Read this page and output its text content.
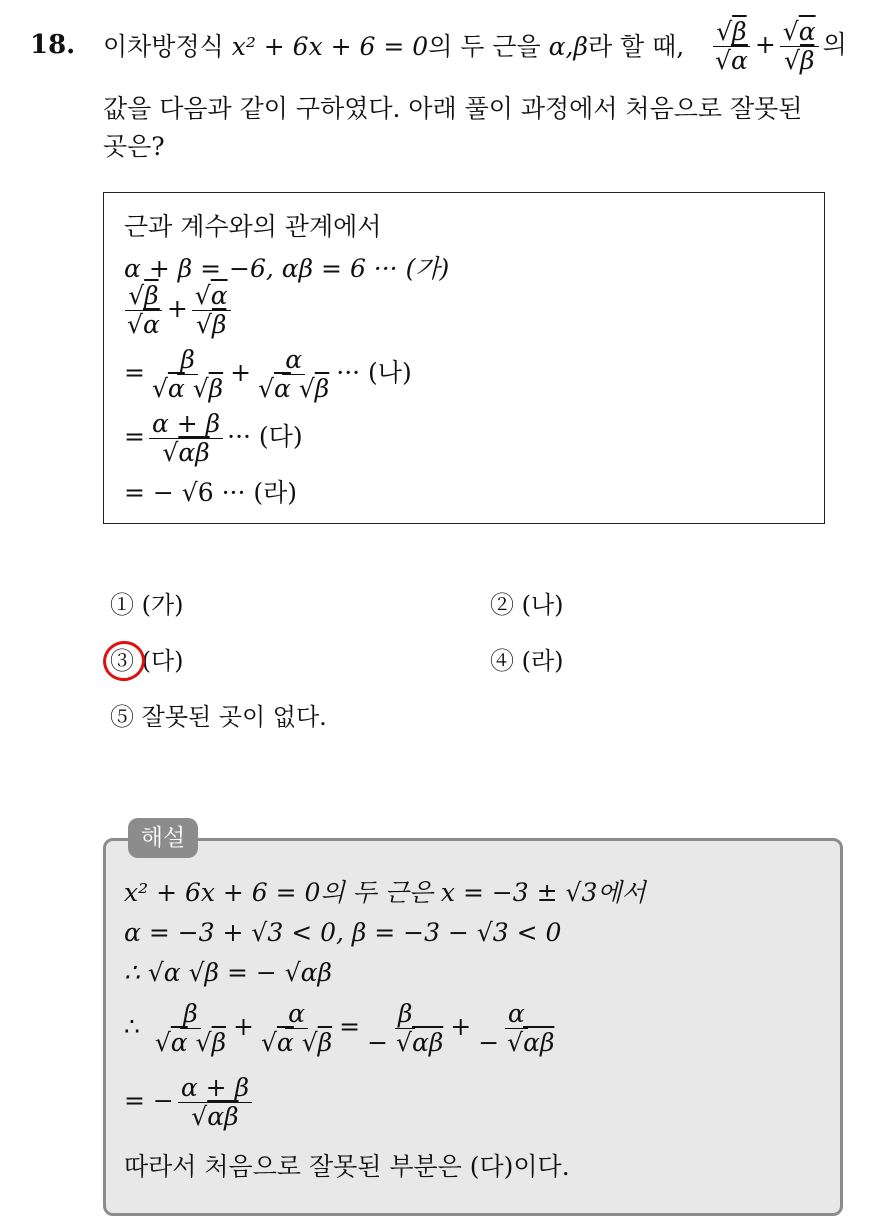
18. 이차방정식 x² + 6x + 6 = 0의 두 근을 α,β라 할 때, $\frac{√\beta}{√\alpha} + \frac{√\alpha}{√\beta}$ 의
값을 다음과 같이 구하였다. 아래 풀이 과정에서 처음으로 잘못된
곳은?
근과 계수와의 관계에서
α + β = −6, αβ = 6 ··· (가)
$\frac{√\beta}{√\alpha} + \frac{√\alpha}{√\beta}$
= $\frac{\beta}{√\alpha √\beta} + \frac{\alpha}{√\alpha √\beta}$ ··· (나)
= $\frac{\alpha + \beta}{√\alpha\beta}$ ··· (다)
= − √6 ··· (라)
① (가)	② (나)
③ (다)	④ (라)
⑤ 잘못된 곳이 없다.
해설
x² + 6x + 6 = 0의 두 근은 x = −3 ± √3에서
α = −3 + √3 < 0, β = −3 − √3 < 0
∴ √α √β = − √αβ
∴ $\frac{\beta}{√\alpha √\beta} + \frac{\alpha}{√\alpha √\beta} = \frac{\beta}{- √\alpha\beta} + \frac{\alpha}{- √\alpha\beta}$
= − $\frac{\alpha + \beta}{√\alpha\beta}$
따라서 처음으로 잘못된 부분은 (다)이다.
